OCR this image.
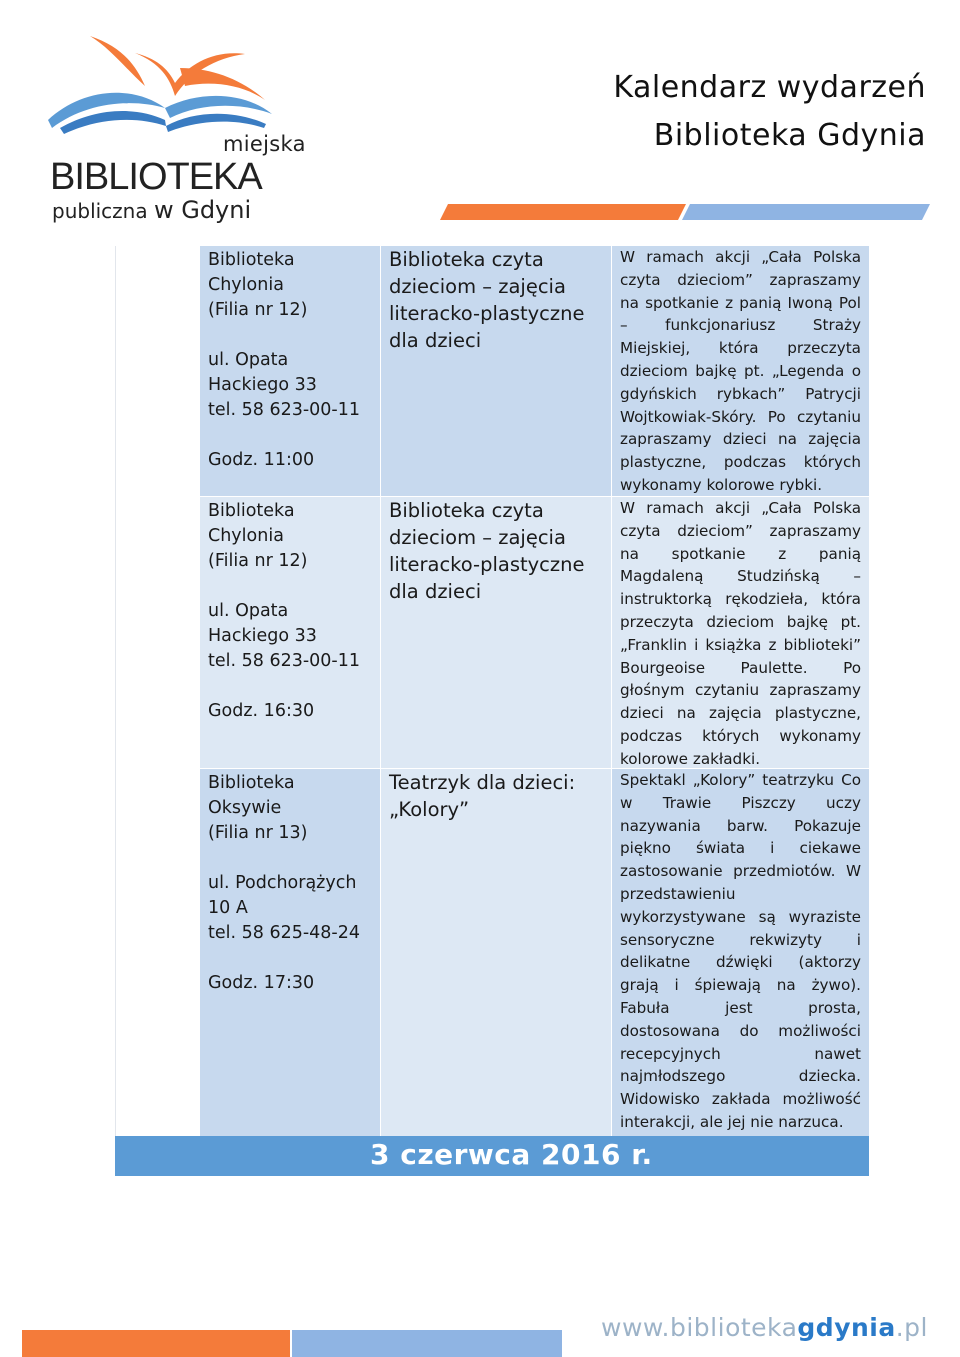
miejska
BIBLIOTEKA
publiczna w Gdyni
Kalendarz wydarzeń
Biblioteka Gdynia
Biblioteka
Chylonia
(Filia nr 12)
ul. Opata
Hackiego 33
tel. 58 623-00-11
Godz. 11:00
Biblioteka czyta
dzieciom – zajęcia
literacko-plastyczne
dla dzieci
W ramach akcji „Cała Polska czyta dzieciom” zapraszamy na spotkanie z panią Iwoną Pol – funkcjonariusz Straży Miejskiej, która przeczyta dzieciom bajkę pt. „Legenda o gdyńskich rybkach” Patrycji Wojtkowiak-Skóry. Po czytaniu zapraszamy dzieci na zajęcia plastyczne, podczas których wykonamy kolorowe rybki.
Biblioteka
Chylonia
(Filia nr 12)
ul. Opata
Hackiego 33
tel. 58 623-00-11
Godz. 16:30
Biblioteka czyta
dzieciom – zajęcia
literacko-plastyczne
dla dzieci
W ramach akcji „Cała Polska czyta dzieciom” zapraszamy na spotkanie z panią Magdaleną Studzińską – instruktorką rękodzieła, która przeczyta dzieciom bajkę pt. „Franklin i książka z biblioteki” Bourgeoise Paulette. Po głośnym czytaniu zapraszamy dzieci na zajęcia plastyczne, podczas których wykonamy kolorowe zakładki.
Biblioteka Oksywie
(Filia nr 13)
ul. Podchorążych
10 A
tel. 58 625-48-24
Godz. 17:30
Teatrzyk dla dzieci:
„Kolory”
Spektakl „Kolory” teatrzyku Co w Trawie Piszczy uczy nazywania barw. Pokazuje piękno świata i ciekawe zastosowanie przedmiotów. W przedstawieniu wykorzystywane są wyraziste sensoryczne rekwizyty i delikatne dźwięki (aktorzy grają i śpiewają na żywo). Fabuła jest prosta, dostosowana do możliwości recepcyjnych nawet najmłodszego dziecka. Widowisko zakłada możliwość interakcji, ale jej nie narzuca.
3 czerwca 2016 r.
www.bibliotekagdynia.pl
